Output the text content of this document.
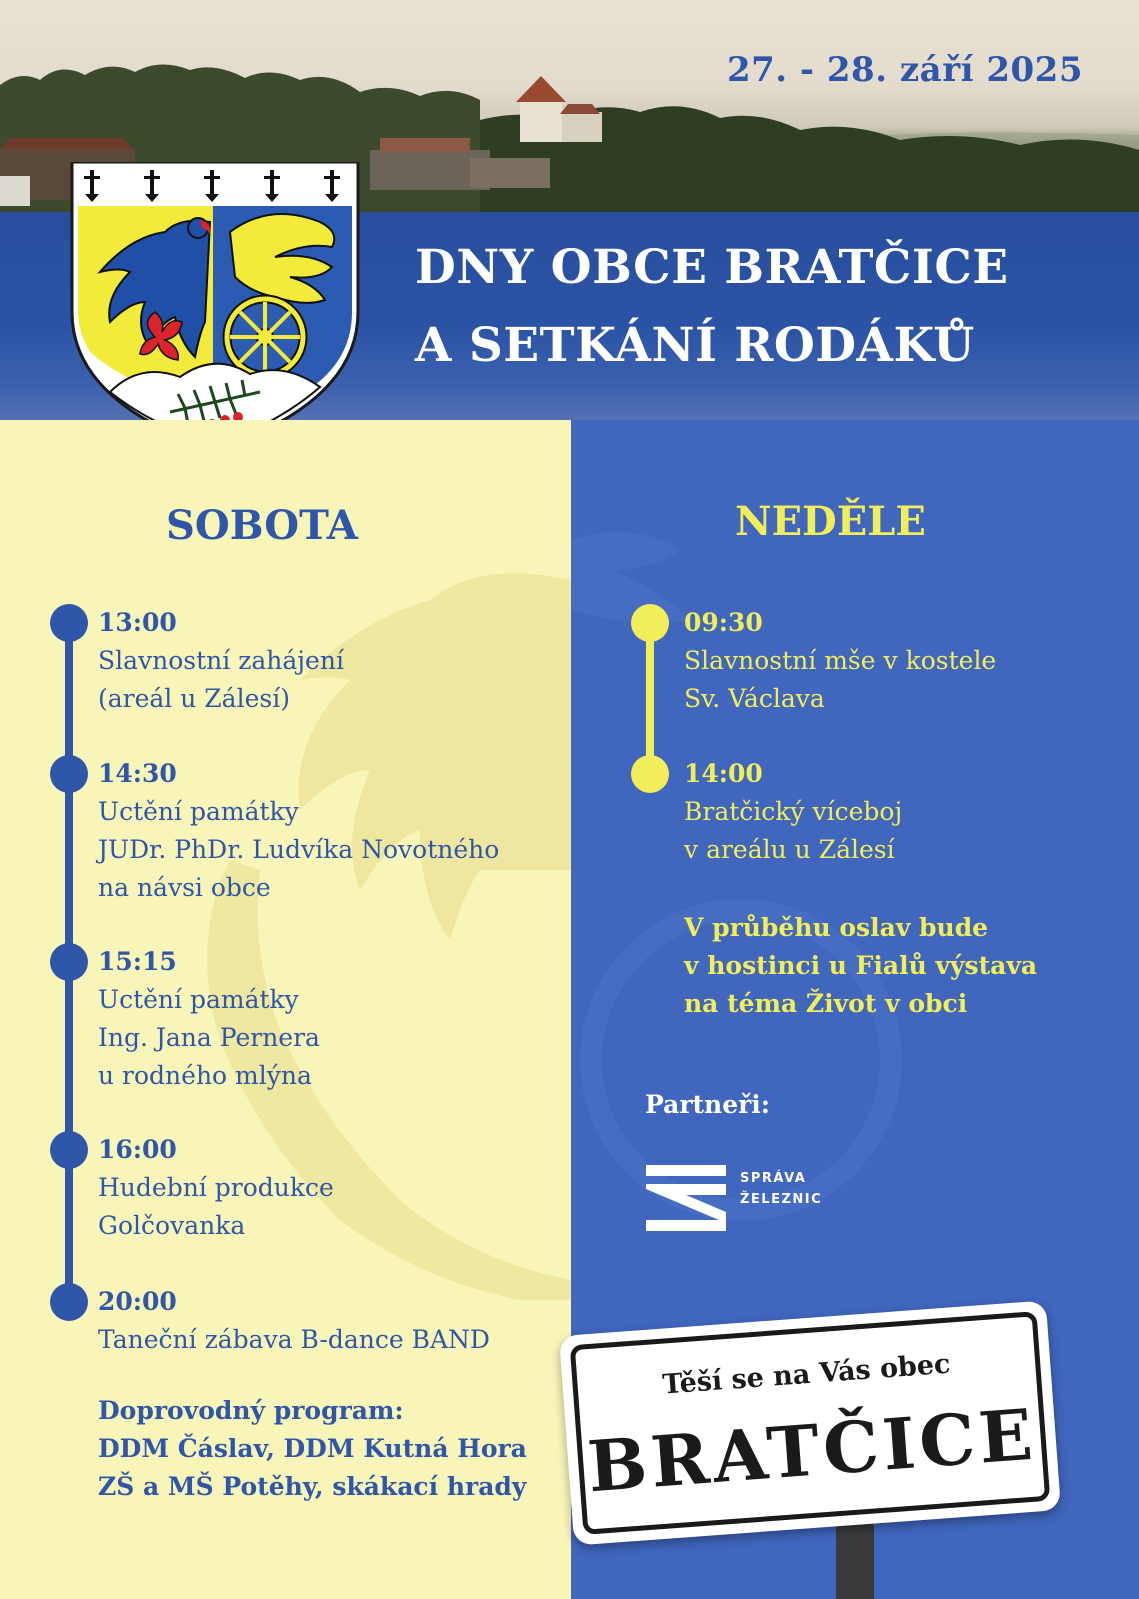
27. - 28. září 2025
DNY OBCE BRATČICE
A SETKÁNÍ RODÁKŮ
SOBOTA	NEDĚLE
13:00
Slavnostní zahájení
(areál u Zálesí)
14:30
Uctění památky
JUDr. PhDr. Ludvíka Novotného
na návsi obce
15:15
Uctění památky
Ing. Jana Pernera
u rodného mlýna
16:00
Hudební produkce
Golčovanka
20:00
Taneční zábava B-dance BAND
Doprovodný program:
DDM Čáslav, DDM Kutná Hora
ZŠ a MŠ Potěhy, skákací hrady
09:30
Slavnostní mše v kostele
Sv. Václava
14:00
Bratčický víceboj
v areálu u Zálesí
V průběhu oslav bude
v hostinci u Fialů výstava
na téma Život v obci
Partneři:
SPRÁVA
ŽELEZNIC
Těší se na Vás obec
BRATČICE
